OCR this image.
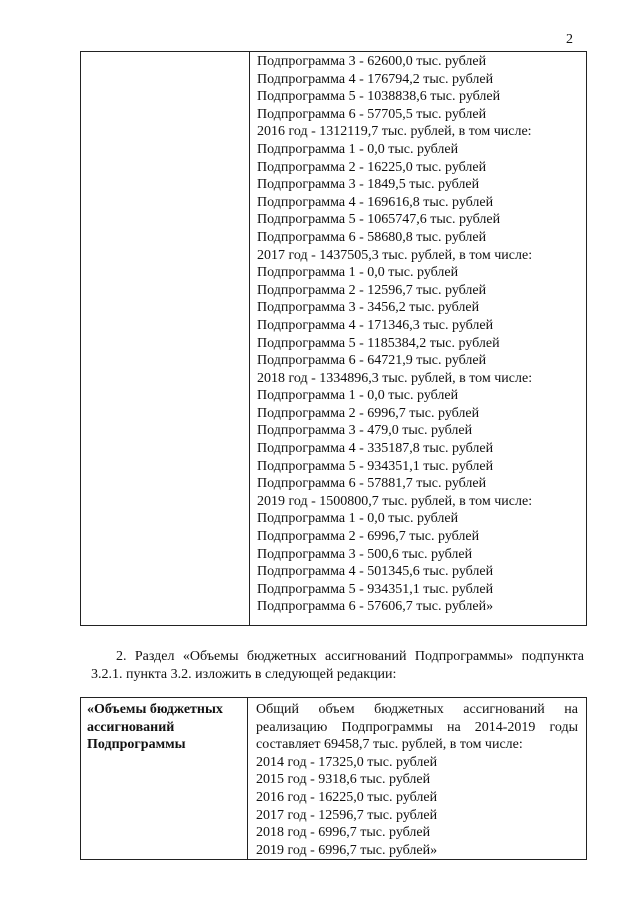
2
Подпрограмма 3 - 62600,0 тыс. рублей
Подпрограмма 4 - 176794,2 тыс. рублей
Подпрограмма 5 - 1038838,6 тыс. рублей
Подпрограмма 6 - 57705,5 тыс. рублей
2016 год - 1312119,7 тыс. рублей, в том числе:
Подпрограмма 1 - 0,0 тыс. рублей
Подпрограмма 2 - 16225,0 тыс. рублей
Подпрограмма 3 - 1849,5 тыс. рублей
Подпрограмма 4 - 169616,8 тыс. рублей
Подпрограмма 5 - 1065747,6 тыс. рублей
Подпрограмма 6 - 58680,8 тыс. рублей
2017 год - 1437505,3 тыс. рублей, в том числе:
Подпрограмма 1 - 0,0 тыс. рублей
Подпрограмма 2 - 12596,7 тыс. рублей
Подпрограмма 3 - 3456,2 тыс. рублей
Подпрограмма 4 - 171346,3 тыс. рублей
Подпрограмма 5 - 1185384,2 тыс. рублей
Подпрограмма 6 - 64721,9 тыс. рублей
2018 год - 1334896,3 тыс. рублей, в том числе:
Подпрограмма 1 - 0,0 тыс. рублей
Подпрограмма 2 - 6996,7 тыс. рублей
Подпрограмма 3 - 479,0 тыс. рублей
Подпрограмма 4 - 335187,8 тыс. рублей
Подпрограмма 5 - 934351,1 тыс. рублей
Подпрограмма 6 - 57881,7 тыс. рублей
2019 год - 1500800,7 тыс. рублей, в том числе:
Подпрограмма 1 - 0,0 тыс. рублей
Подпрограмма 2 - 6996,7 тыс. рублей
Подпрограмма 3 - 500,6 тыс. рублей
Подпрограмма 4 - 501345,6 тыс. рублей
Подпрограмма 5 - 934351,1 тыс. рублей
Подпрограмма 6 - 57606,7 тыс. рублей»
2. Раздел «Объемы бюджетных ассигнований Подпрограммы» подпункта 3.2.1. пункта 3.2. изложить в следующей редакции:
«Объемы бюджетных
ассигнований
Подпрограммы
Общий объем бюджетных ассигнований на реализацию Подпрограммы на 2014-2019 годы составляет 69458,7 тыс. рублей, в том числе:
2014 год - 17325,0 тыс. рублей
2015 год - 9318,6 тыс. рублей
2016 год - 16225,0 тыс. рублей
2017 год - 12596,7 тыс. рублей
2018 год - 6996,7 тыс. рублей
2019 год - 6996,7 тыс. рублей»
